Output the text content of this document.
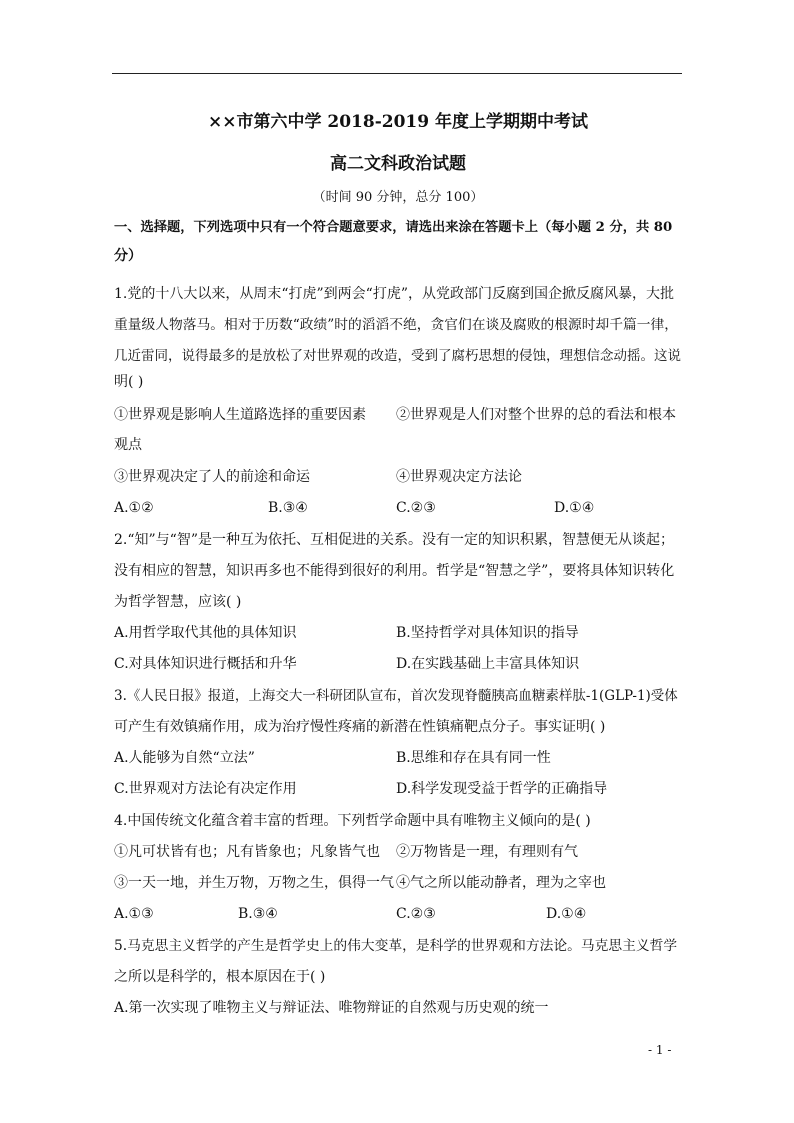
××市第六中学 2018-2019 年度上学期期中考试
高二文科政治试题
（时间 90 分钟，总分 100）
一、选择题，下列选项中只有一个符合题意要求，请选出来涂在答题卡上（每小题 2 分，共 80
分）
1.党的十八大以来，从周末“打虎”到两会“打虎”，从党政部门反腐到国企掀反腐风暴，大批
重量级人物落马。相对于历数“政绩”时的滔滔不绝，贪官们在谈及腐败的根源时却千篇一律，
几近雷同，说得最多的是放松了对世界观的改造，受到了腐朽思想的侵蚀，理想信念动摇。这说
明( )
①世界观是影响人生道路选择的重要因素 ②世界观是人们对整个世界的总的看法和根本
观点
③世界观决定了人的前途和命运	④世界观决定方法论
A.①②	B.③④	C.②③	D.①④
2.“知”与“智”是一种互为依托、互相促进的关系。没有一定的知识积累，智慧便无从谈起；
没有相应的智慧，知识再多也不能得到很好的利用。哲学是“智慧之学”，要将具体知识转化
为哲学智慧，应该( )
A.用哲学取代其他的具体知识	B.坚持哲学对具体知识的指导
C.对具体知识进行概括和升华	D.在实践基础上丰富具体知识
3.《人民日报》报道，上海交大一科研团队宣布，首次发现脊髓胰高血糖素样肽-1(GLP-1)受体
可产生有效镇痛作用，成为治疗慢性疼痛的新潜在性镇痛靶点分子。事实证明( )
A.人能够为自然“立法”	B.思维和存在具有同一性
C.世界观对方法论有决定作用	D.科学发现受益于哲学的正确指导
4.中国传统文化蕴含着丰富的哲理。下列哲学命题中具有唯物主义倾向的是( )
①凡可状皆有也；凡有皆象也；凡象皆气也 ②万物皆是一理，有理则有气
③一天一地，并生万物，万物之生，俱得一气 ④气之所以能动静者，理为之宰也
A.①③	B.③④	C.②③	D.①④
5.马克思主义哲学的产生是哲学史上的伟大变革，是科学的世界观和方法论。马克思主义哲学
之所以是科学的，根本原因在于( )
A.第一次实现了唯物主义与辩证法、唯物辩证的自然观与历史观的统一
- 1 -
